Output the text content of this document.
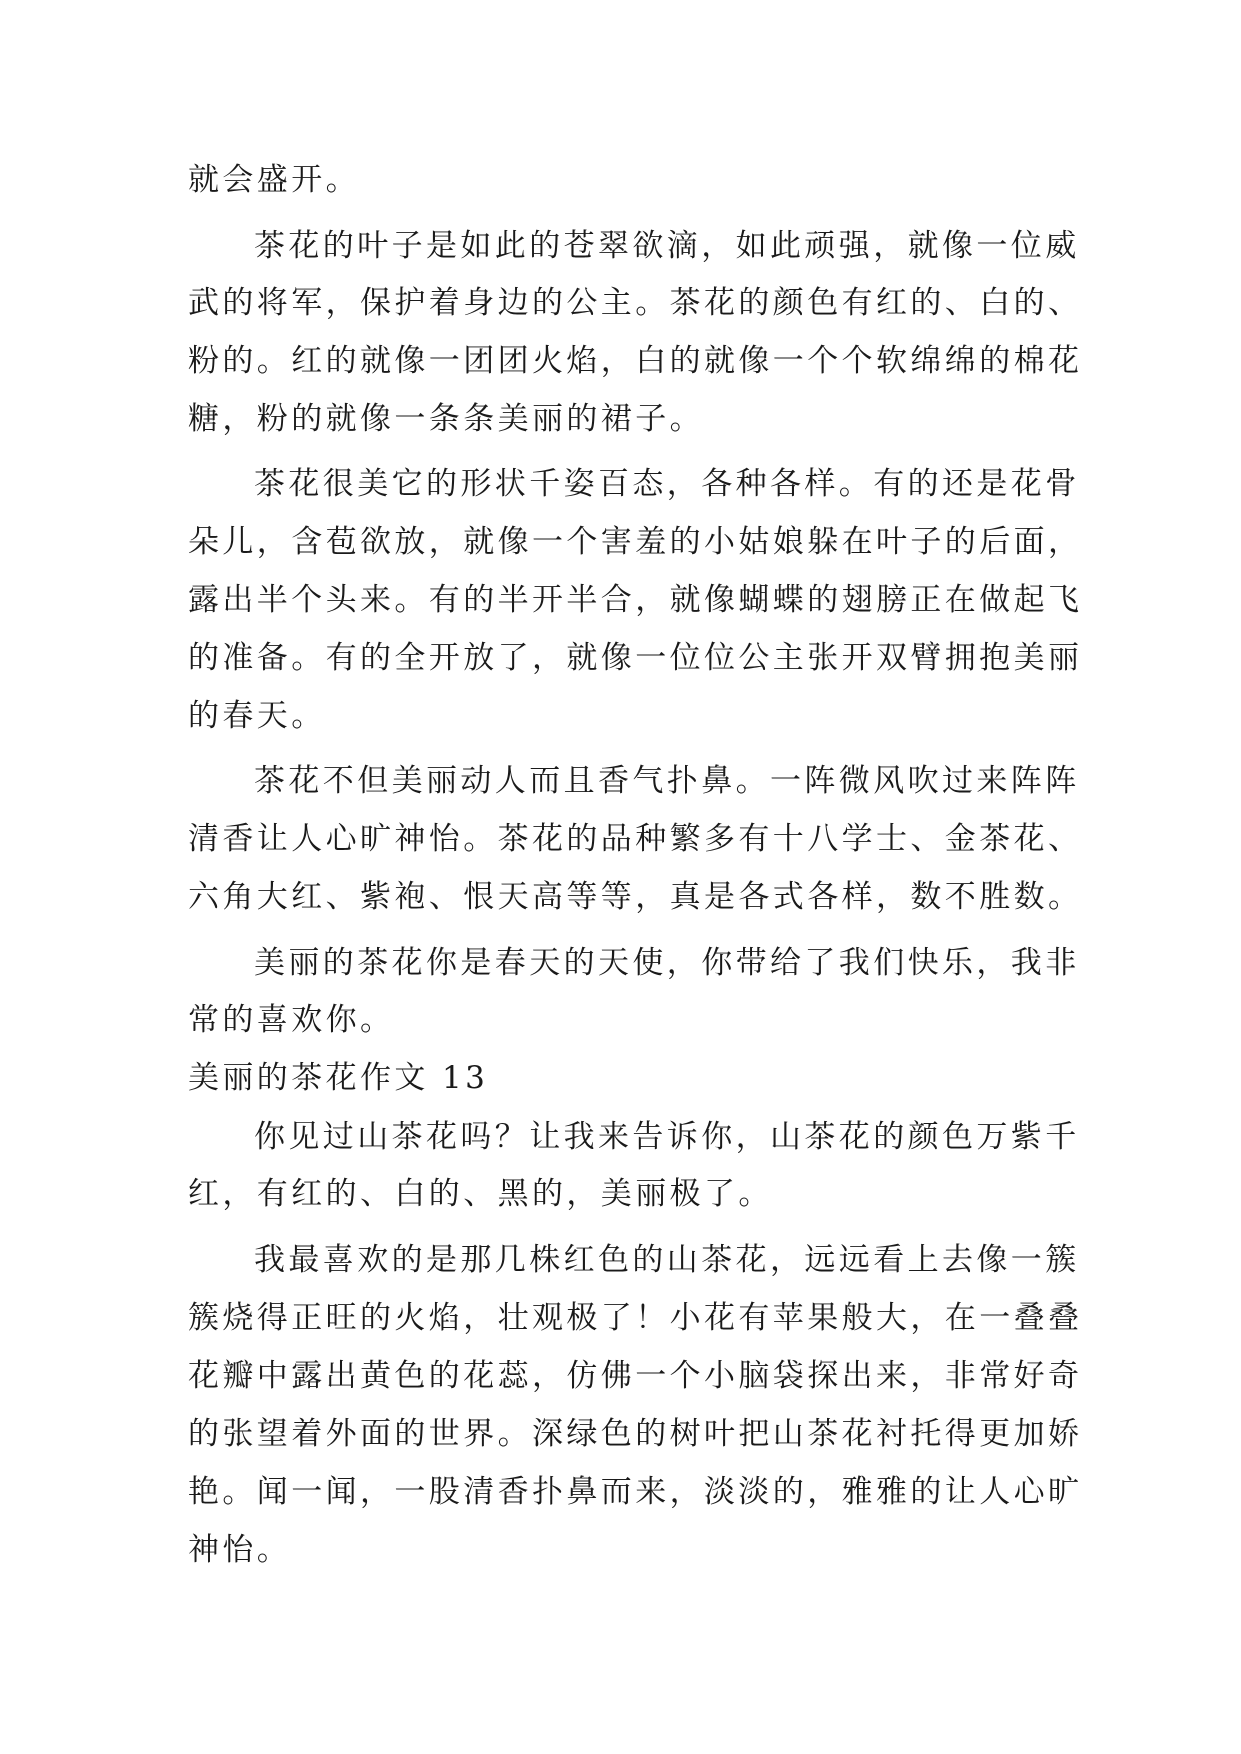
就会盛开。
茶花的叶子是如此的苍翠欲滴，如此顽强，就像一位威
武的将军，保护着身边的公主。茶花的颜色有红的、白的、
粉的。红的就像一团团火焰，白的就像一个个软绵绵的棉花
糖，粉的就像一条条美丽的裙子。
茶花很美它的形状千姿百态，各种各样。有的还是花骨
朵儿，含苞欲放，就像一个害羞的小姑娘躲在叶子的后面，
露出半个头来。有的半开半合，就像蝴蝶的翅膀正在做起飞
的准备。有的全开放了，就像一位位公主张开双臂拥抱美丽
的春天。
茶花不但美丽动人而且香气扑鼻。一阵微风吹过来阵阵
清香让人心旷神怡。茶花的品种繁多有十八学士、金茶花、
六角大红、紫袍、恨天高等等，真是各式各样，数不胜数。
美丽的茶花你是春天的天使，你带给了我们快乐，我非
常的喜欢你。
美丽的茶花作文 13
你见过山茶花吗？让我来告诉你，山茶花的颜色万紫千
红，有红的、白的、黑的，美丽极了。
我最喜欢的是那几株红色的山茶花，远远看上去像一簇
簇烧得正旺的火焰，壮观极了！小花有苹果般大，在一叠叠
花瓣中露出黄色的花蕊，仿佛一个小脑袋探出来，非常好奇
的张望着外面的世界。深绿色的树叶把山茶花衬托得更加娇
艳。闻一闻，一股清香扑鼻而来，淡淡的，雅雅的让人心旷
神怡。
